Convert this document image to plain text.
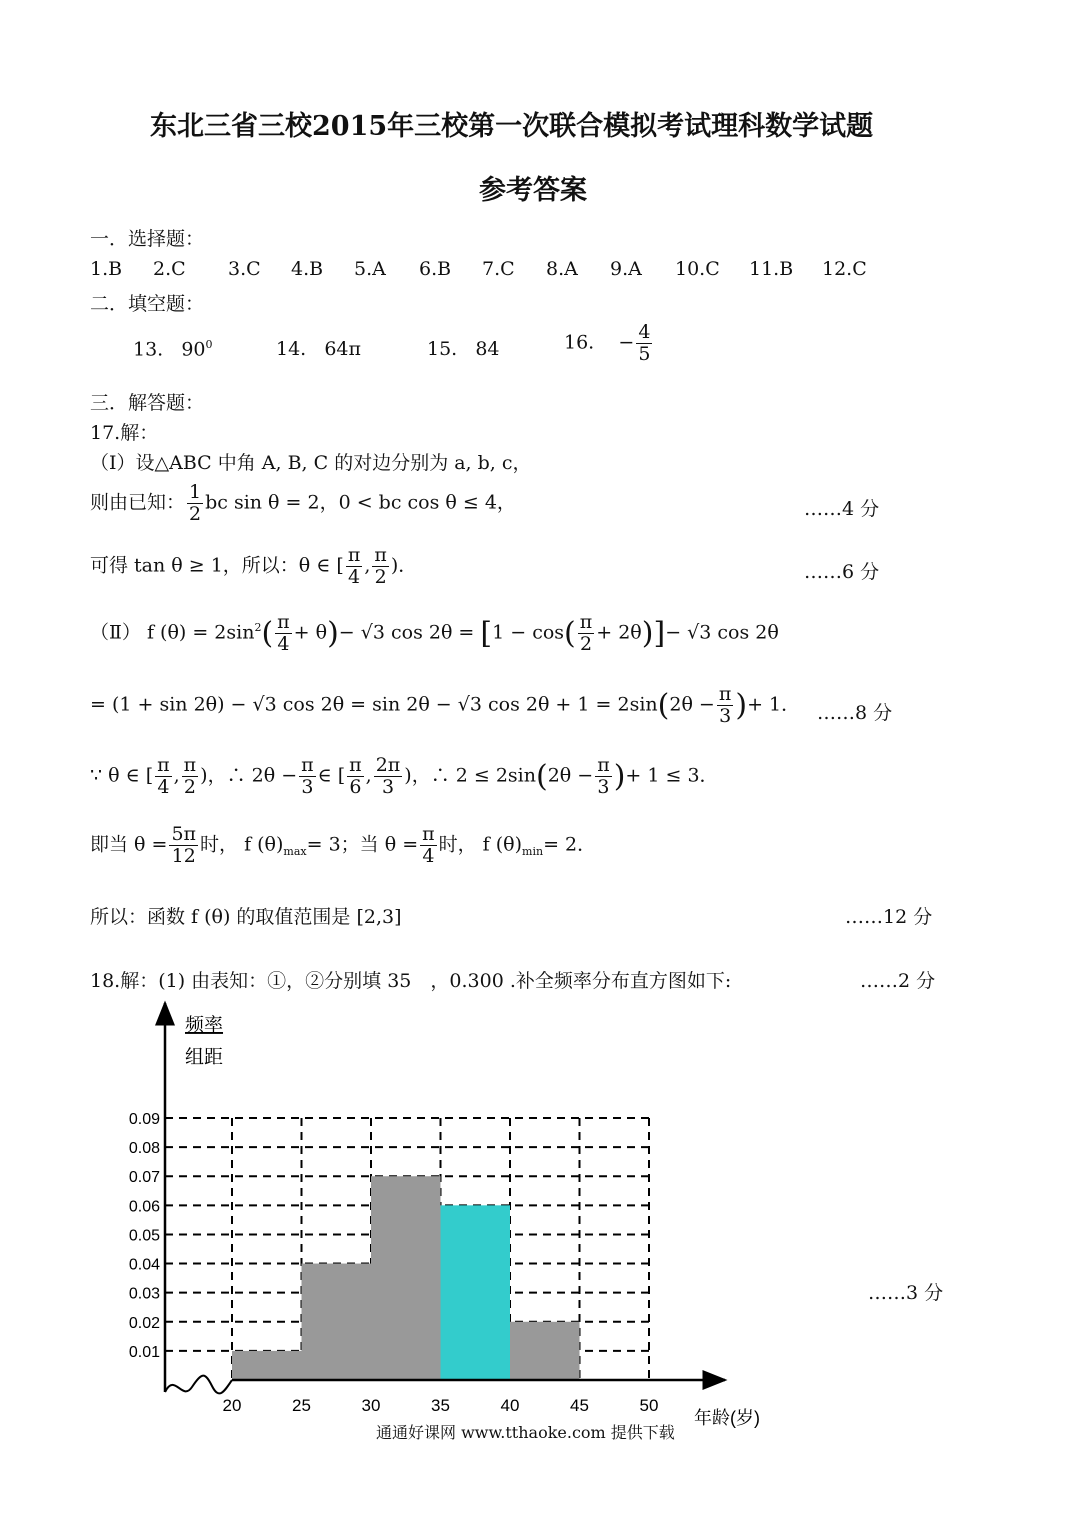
东北三省三校2015年三校第一次联合模拟考试理科数学试题
参考答案
一．选择题：
1.B 2.C 3.C 4.B 5.A 6.B 7.C 8.A 9.A 10.C 11.B 12.C
二．填空题：
13. $90^0$	14. 64π	15. 84	16. − $\frac{4}{5}$
三．解答题：
17.解：
（Ⅰ）设△ABC 中角 A, B, C 的对边分别为 a, b, c，
则由已知： $\frac{1}{2}$ bc sin θ = 2，0 < bc cos θ ≤ 4，	……4 分
可得 tan θ ≥ 1，所以：θ ∈ [ $\frac{\pi}{4}$ , $\frac{\pi}{2}$ )．	……6 分
（Ⅱ） f $(\theta) = 2\sin^2( \frac{\pi}{4} + \theta)- √3$ $\cos 2\theta = [1 - \cos( \frac{\pi}{2} + 2\theta)]- √3$ cos 2θ
= (1 + sin 2θ) − √3 cos 2θ = sin 2θ − √3 $\cos 2\theta + 1 = 2\sin(2\theta - \frac{\pi}{3}$ )+ 1． ……8 分
∵ θ ∈ [ $\frac{\pi}{4}$ , $\frac{\pi}{2}$ )，∴ $2\theta - \frac{\pi}{3}$ ∈ [ $\frac{\pi}{6}$ , $\frac{2\pi}{3}$ )，∴ $2 \le 2\sin(2\theta - \frac{\pi}{3}$ )+ 1 ≤ 3．
即当 $\theta = \frac{5\pi}{12}$ 时， f $(\theta)_{max}= 3$；当 $\theta = \frac{\pi}{4}$ 时， f $(\theta)_{min}= 2$．
所以：函数 f (θ) 的取值范围是 [2,3]	……12 分
18.解：(1) 由表知：①，②分别填 35　，0.300 .补全频率分布直方图如下:	……2 分
……3 分
0.01
0.02
0.03
0.04
0.05
0.06
0.07
0.08
0.09
20	25	30	35	40	45	50
频率
组距
年龄(岁)
通通好课网 www.tthaoke.com 提供下载
